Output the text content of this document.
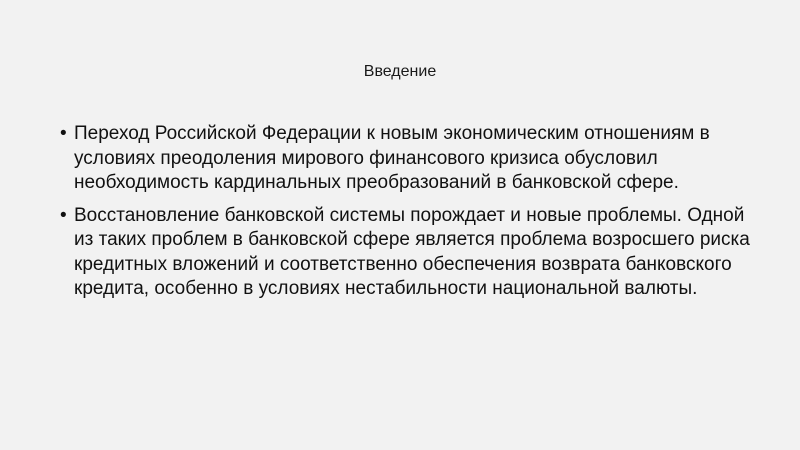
Введение
• Переход Российской Федерации к новым экономическим отношениям в условиях преодоления мирового финансового кризиса обусловил необходимость кардинальных преобразований в банковской сфере.
• Восстановление банковской системы порождает и новые проблемы. Одной из таких проблем в банковской сфере является проблема возросшего риска кредитных вложений и соответственно обеспечения возврата банковского кредита, особенно в условиях нестабильности национальной валюты.
